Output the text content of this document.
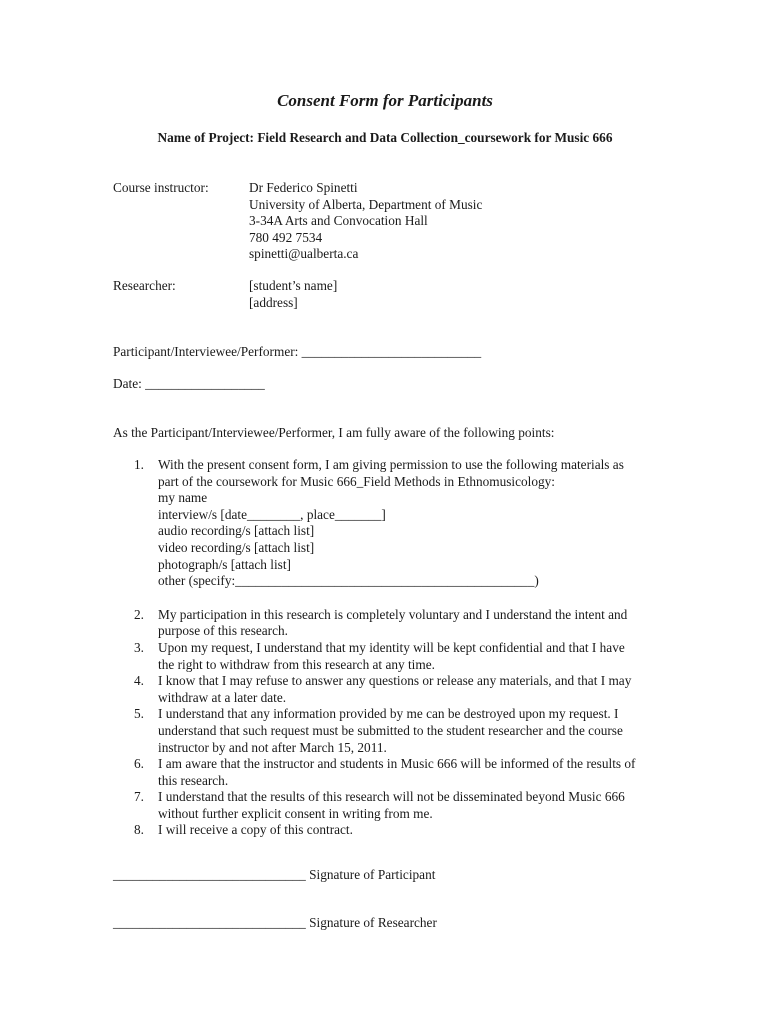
Consent Form for Participants
Name of Project: Field Research and Data Collection_coursework for Music 666
Course instructor:	Dr Federico Spinetti
University of Alberta, Department of Music
3-34A Arts and Convocation Hall
780 492 7534
spinetti@ualberta.ca
Researcher:	[student’s name]
[address]
Participant/Interviewee/Performer: ___________________________
Date: __________________
As the Participant/Interviewee/Performer, I am fully aware of the following points:
1.	With the present consent form, I am giving permission to use the following materials as
part of the coursework for Music 666_Field Methods in Ethnomusicology:
my name
interview/s [date________, place_______]
audio recording/s [attach list]
video recording/s [attach list]
photograph/s [attach list]
other (specify:_____________________________________________)
2.	My participation in this research is completely voluntary and I understand the intent and
purpose of this research.
3.	Upon my request, I understand that my identity will be kept confidential and that I have
the right to withdraw from this research at any time.
4.	I know that I may refuse to answer any questions or release any materials, and that I may
withdraw at a later date.
5.	I understand that any information provided by me can be destroyed upon my request. I
understand that such request must be submitted to the student researcher and the course
instructor by and not after March 15, 2011.
6.	I am aware that the instructor and students in Music 666 will be informed of the results of
this research.
7.	I understand that the results of this research will not be disseminated beyond Music 666
without further explicit consent in writing from me.
8.	I will receive a copy of this contract.
_____________________________ Signature of Participant
_____________________________ Signature of Researcher
